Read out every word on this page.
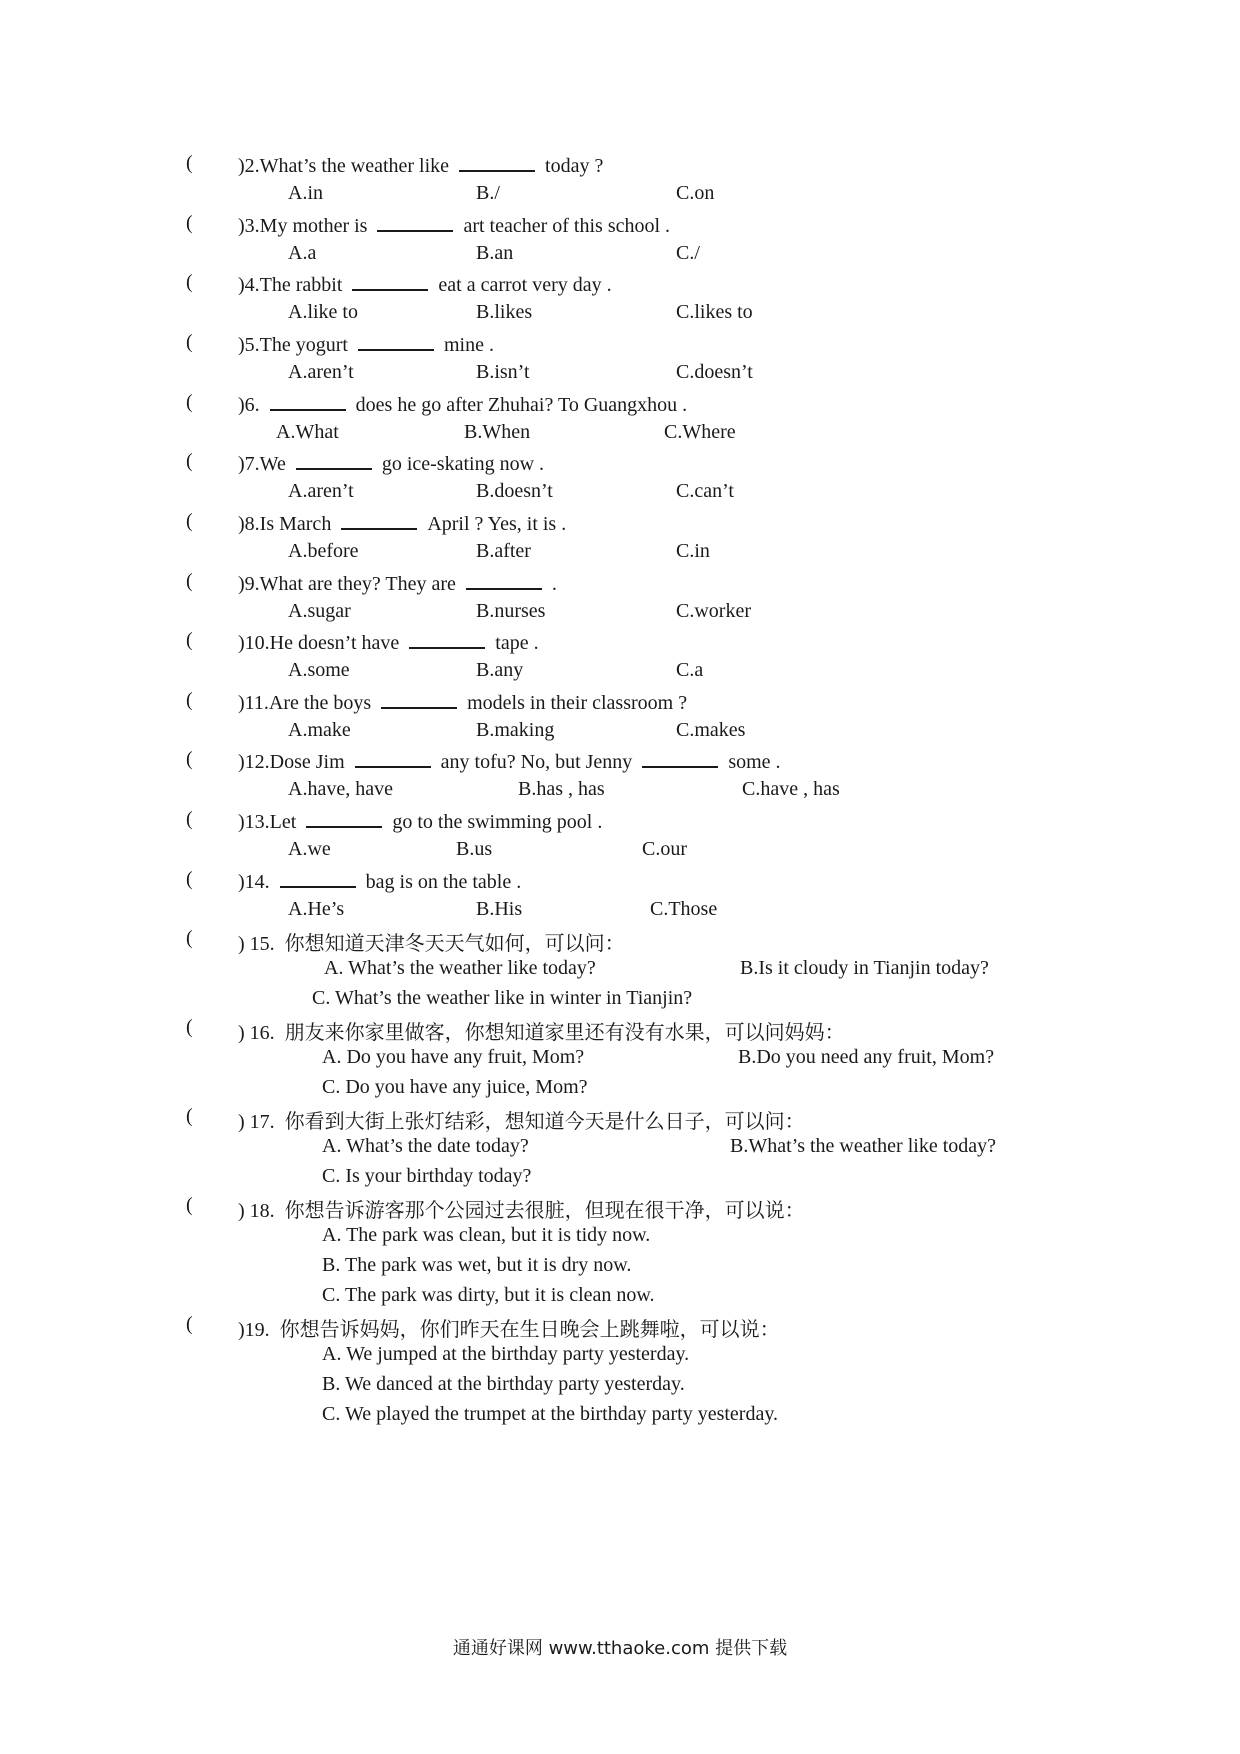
( )2.What’s the weather like	today ?
A.in	B./	C.on
( )3.My mother is	art teacher of this school .
A.a	B.an	C./
( )4.The rabbit	eat a carrot very day .
A.like to	B.likes	C.likes to
( )5.The yogurt	mine .
A.aren’t	B.isn’t	C.doesn’t
( )6.	does he go after Zhuhai? To Guangxhou .
A.What	B.When	C.Where
( )7.We	go ice-skating now .
A.aren’t	B.doesn’t	C.can’t
( )8.Is March	April ? Yes, it is .
A.before	B.after	C.in
( )9.What are they? They are	.
A.sugar	B.nurses	C.worker
( )10.He doesn’t have	tape .
A.some	B.any	C.a
( )11.Are the boys	models in their classroom ?
A.make	B.making	C.makes
( )12.Dose Jim	any tofu? No, but Jenny	some .
A.have, have	B.has , has	C.have , has
( )13.Let	go to the swimming pool .
A.we	B.us	C.our
( )14.	bag is on the table .
A.He’s	B.His	C.Those
( ) 15. 你想知道天津冬天天气如何，可以问：
A. What’s the weather like today?	B.Is it cloudy in Tianjin today?
C. What’s the weather like in winter in Tianjin?
( ) 16. 朋友来你家里做客，你想知道家里还有没有水果，可以问妈妈：
A. Do you have any fruit, Mom?	B.Do you need any fruit, Mom?
C. Do you have any juice, Mom?
( ) 17. 你看到大街上张灯结彩，想知道今天是什么日子，可以问：
A. What’s the date today?	B.What’s the weather like today?
C. Is your birthday today?
( ) 18. 你想告诉游客那个公园过去很脏，但现在很干净，可以说：
A. The park was clean, but it is tidy now.
B. The park was wet, but it is dry now.
C. The park was dirty, but it is clean now.
( )19. 你想告诉妈妈，你们昨天在生日晚会上跳舞啦，可以说：
A. We jumped at the birthday party yesterday.
B. We danced at the birthday party yesterday.
C. We played the trumpet at the birthday party yesterday.
通通好课网 www.tthaoke.com 提供下载
